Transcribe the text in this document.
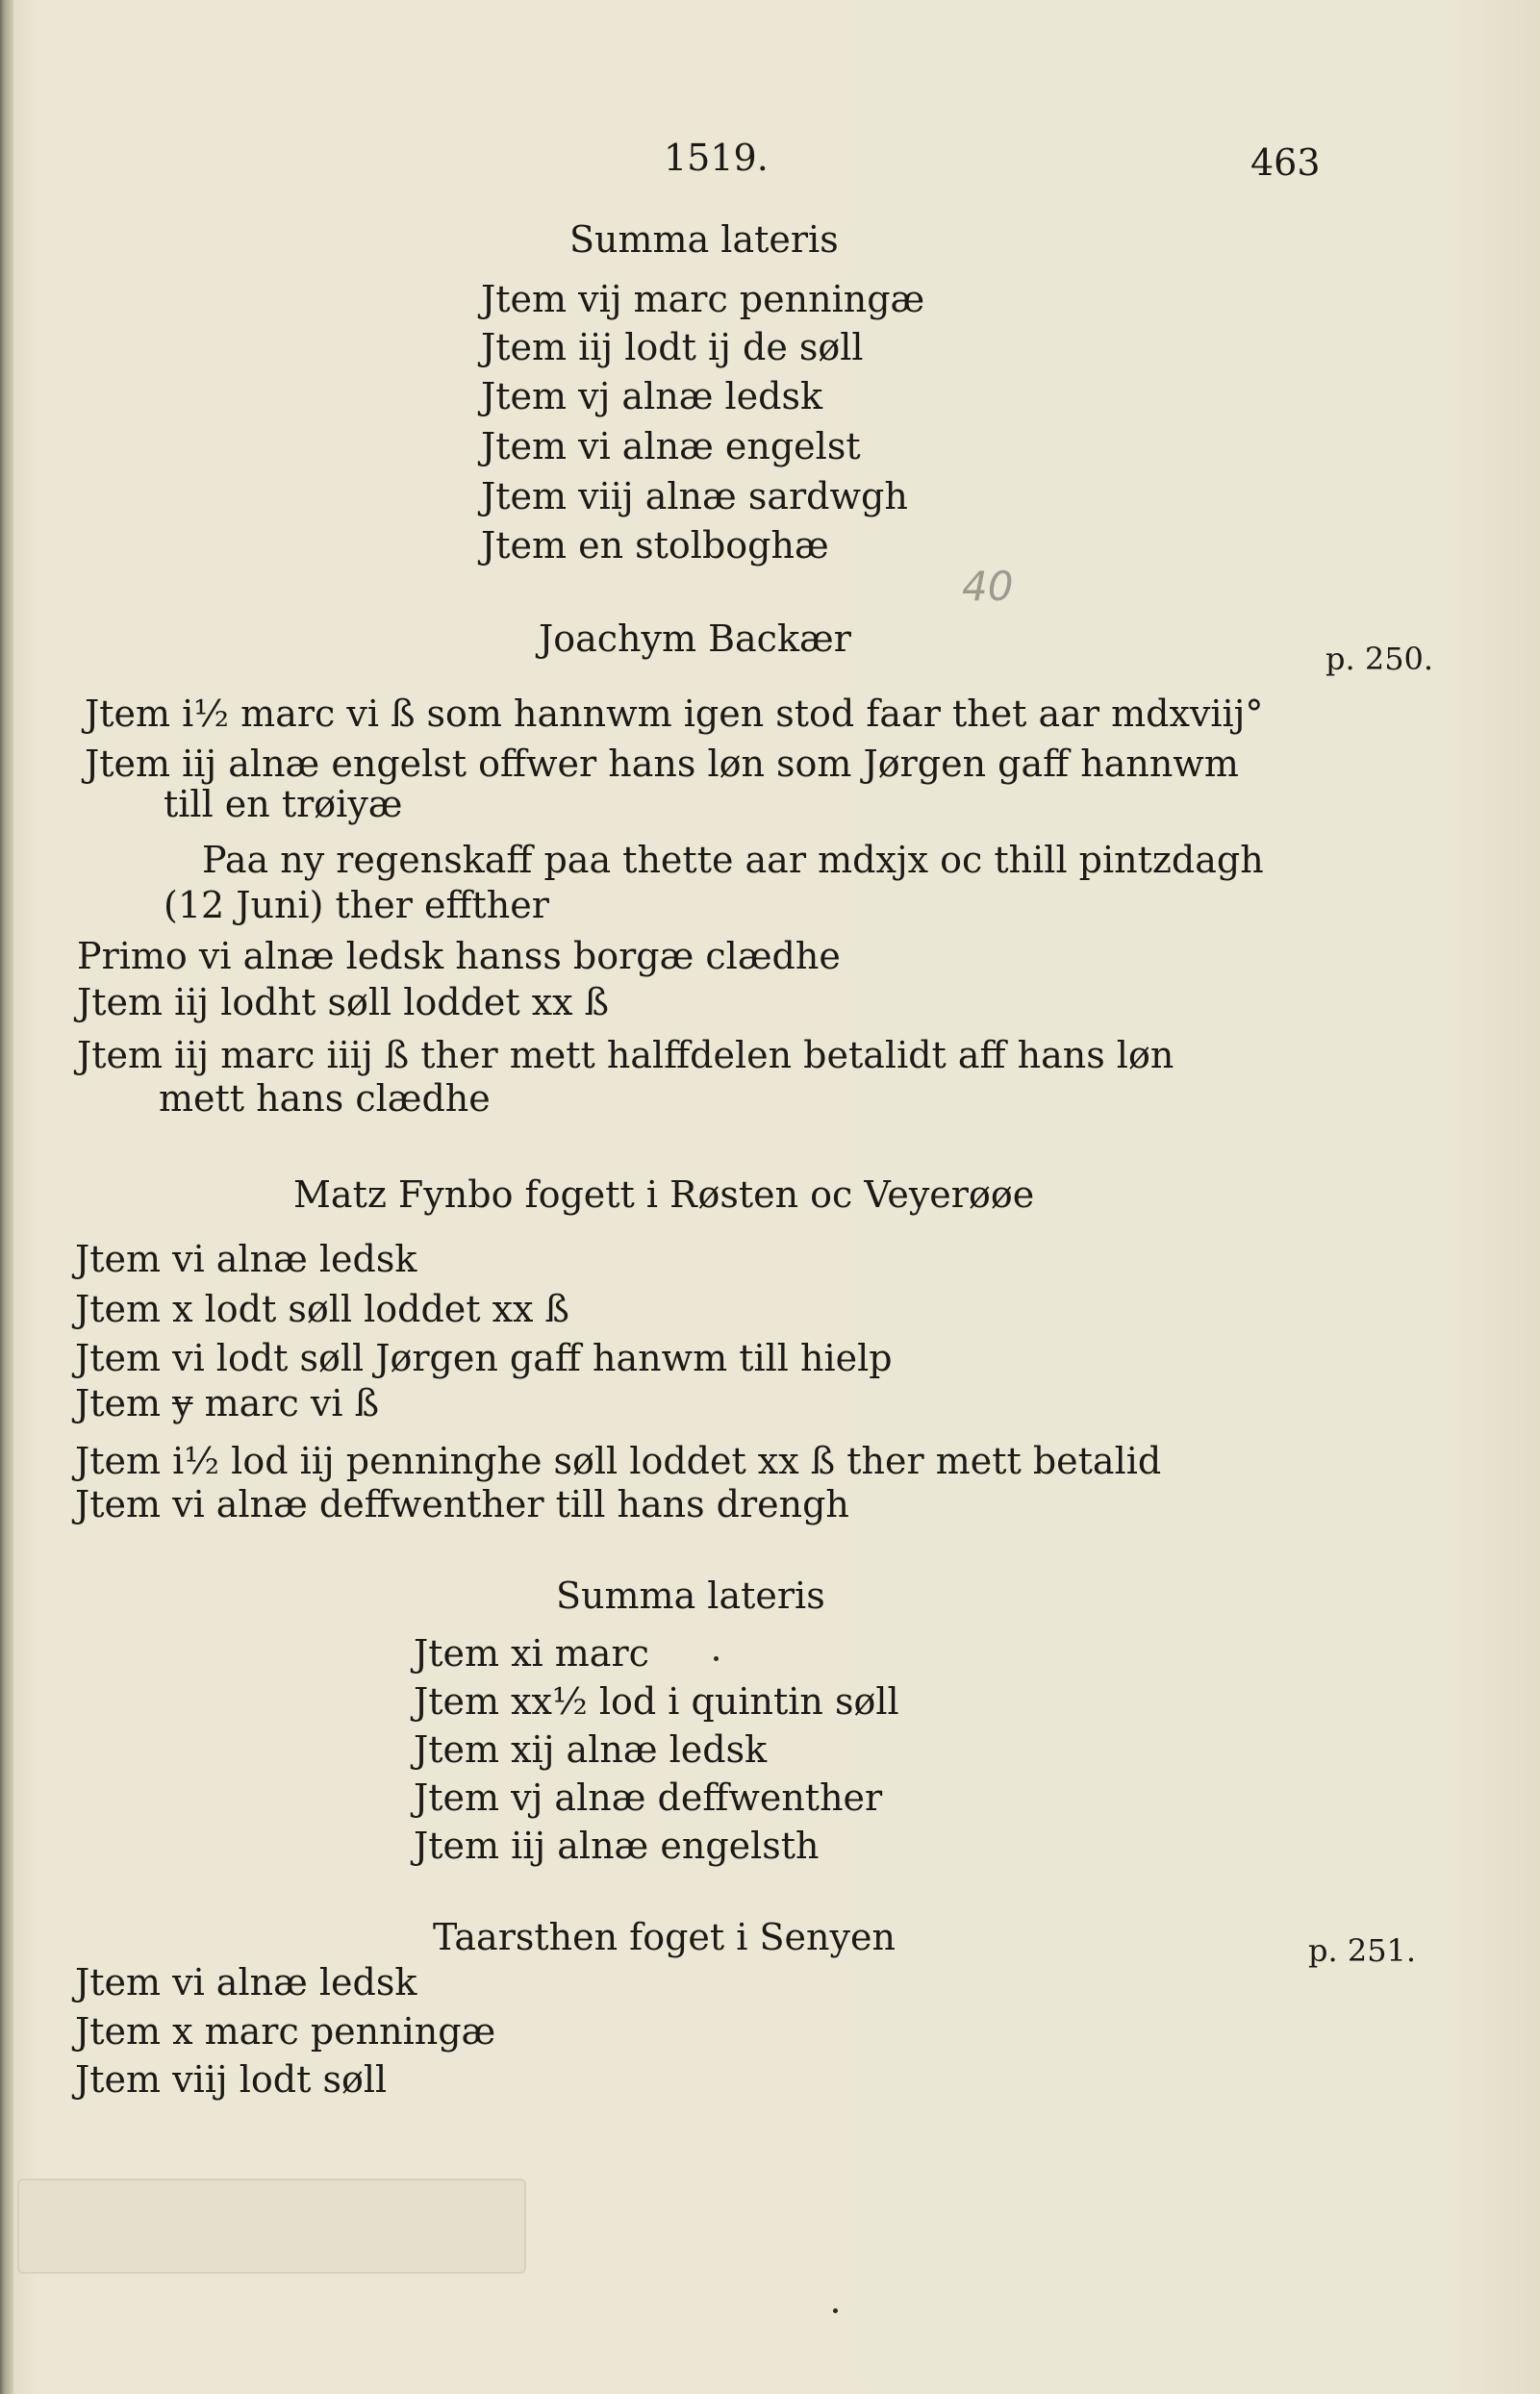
1519.	463
Summa lateris
Jtem vij marc penningæ
Jtem iij lodt ij de søll
Jtem vj alnæ ledsk
Jtem vi alnæ engelst
Jtem viij alnæ sardwgh
Jtem en stolboghæ
40
Joachym Backær	p. 250.
Jtem i½ marc vi ß som hannwm igen stod faar thet aar mdxviij°
Jtem iij alnæ engelst offwer hans løn som Jørgen gaff hannwm
till en trøiyæ
Paa ny regenskaff paa thette aar mdxjx oc thill pintzdagh
(12 Juni) ther effther
Primo vi alnæ ledsk hanss borgæ clædhe
Jtem iij lodht søll loddet xx ß
Jtem iij marc iiij ß ther mett halffdelen betalidt aff hans løn
mett hans clædhe
Matz Fynbo fogett i Røsten oc Veyerøøe
Jtem vi alnæ ledsk
Jtem x lodt søll loddet xx ß
Jtem vi lodt søll Jørgen gaff hanwm till hielp
Jtem ɏ marc vi ß
Jtem i½ lod iij penninghe søll loddet xx ß ther mett betalid
Jtem vi alnæ deffwenther till hans drengh
Summa lateris
Jtem xi marc
Jtem xx½ lod i quintin søll
Jtem xij alnæ ledsk
Jtem vj alnæ deffwenther
Jtem iij alnæ engelsth
Taarsthen foget i Senyen	p. 251.
Jtem vi alnæ ledsk
Jtem x marc penningæ
Jtem viij lodt søll
